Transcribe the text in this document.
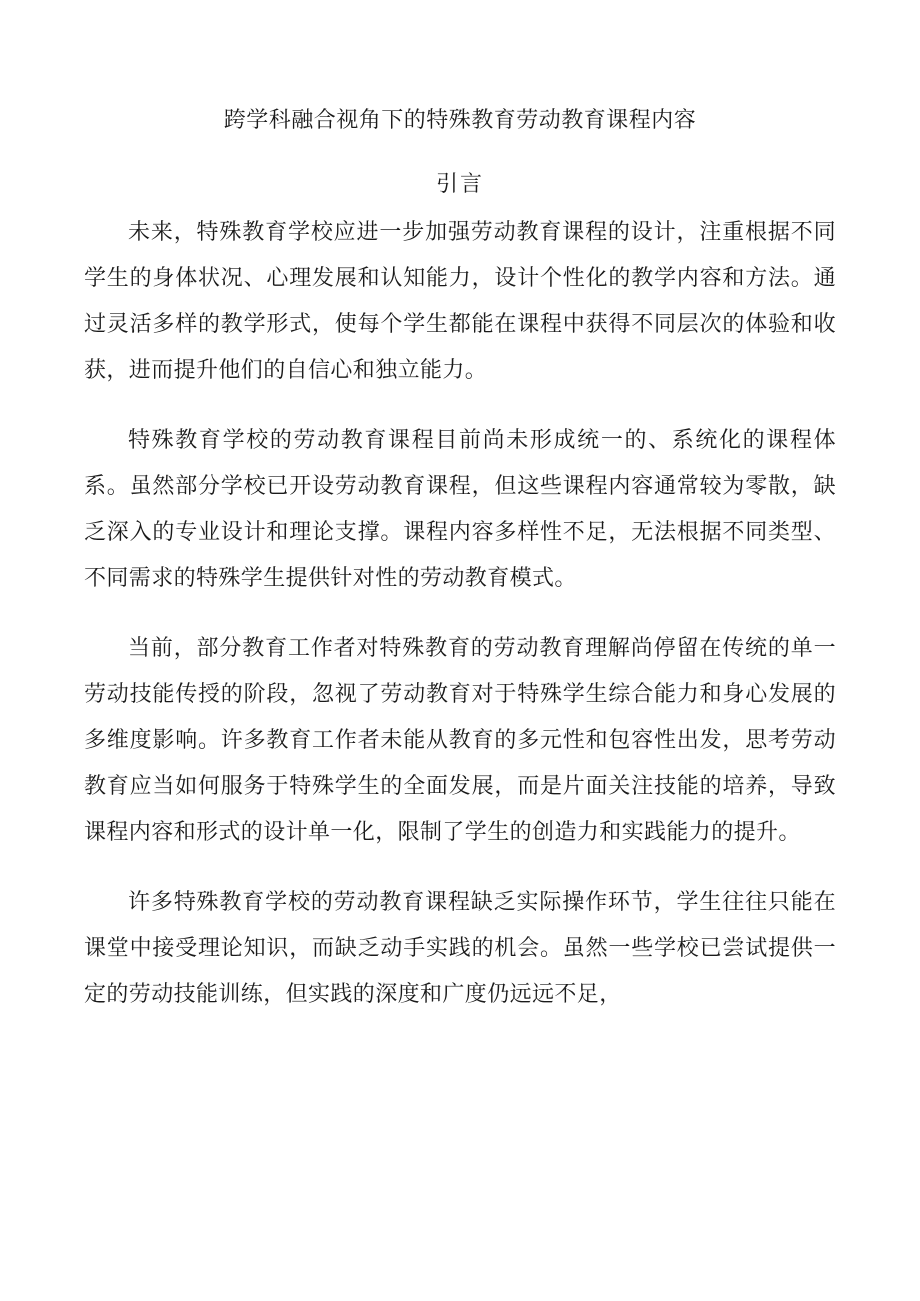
跨学科融合视角下的特殊教育劳动教育课程内容
引言

未来，特殊教育学校应进一步加强劳动教育课程的设计，注重根据不同学生的身体状况、心理发展和认知能力，设计个性化的教学内容和方法。通过灵活多样的教学形式，使每个学生都能在课程中获得不同层次的体验和收获，进而提升他们的自信心和独立能力。

特殊教育学校的劳动教育课程目前尚未形成统一的、系统化的课程体系。虽然部分学校已开设劳动教育课程，但这些课程内容通常较为零散，缺乏深入的专业设计和理论支撑。课程内容多样性不足，无法根据不同类型、不同需求的特殊学生提供针对性的劳动教育模式。

当前，部分教育工作者对特殊教育的劳动教育理解尚停留在传统的单一劳动技能传授的阶段，忽视了劳动教育对于特殊学生综合能力和身心发展的多维度影响。许多教育工作者未能从教育的多元性和包容性出发，思考劳动教育应当如何服务于特殊学生的全面发展，而是片面关注技能的培养，导致课程内容和形式的设计单一化，限制了学生的创造力和实践能力的提升。

许多特殊教育学校的劳动教育课程缺乏实际操作环节，学生往往只能在课堂中接受理论知识，而缺乏动手实践的机会。虽然一些学校已尝试提供一定的劳动技能训练，但实践的深度和广度仍远远不足，
